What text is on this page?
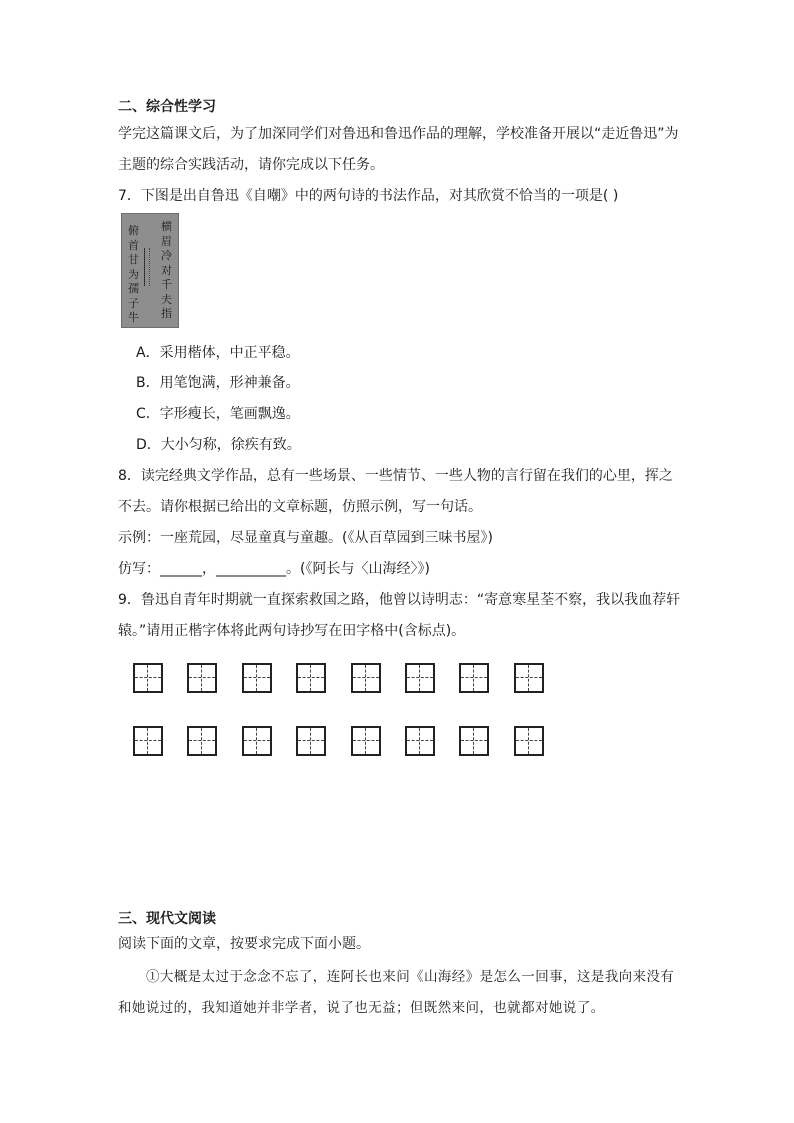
二、综合性学习
学完这篇课文后，为了加深同学们对鲁迅和鲁迅作品的理解，学校准备开展以“走近鲁迅”为
主题的综合实践活动，请你完成以下任务。
7．下图是出自鲁迅《自嘲》中的两句诗的书法作品，对其欣赏不恰当的一项是( )
横眉冷对千夫指
俯首甘为孺子牛
A．采用楷体，中正平稳。
B．用笔饱满，形神兼备。
C．字形瘦长，笔画飘逸。
D．大小匀称，徐疾有致。
8．读完经典文学作品，总有一些场景、一些情节、一些人物的言行留在我们的心里，挥之
不去。请你根据已给出的文章标题，仿照示例，写一句话。
示例：一座荒园，尽显童真与童趣。(《从百草园到三味书屋》)
仿写：______，__________。(《阿长与〈山海经〉》)
9．鲁迅自青年时期就一直探索救国之路，他曾以诗明志：“寄意寒星荃不察，我以我血荐轩
辕。”请用正楷字体将此两句诗抄写在田字格中(含标点)。
三、现代文阅读
阅读下面的文章，按要求完成下面小题。
①大概是太过于念念不忘了，连阿长也来问《山海经》是怎么一回事，这是我向来没有
和她说过的，我知道她并非学者，说了也无益；但既然来问，也就都对她说了。
